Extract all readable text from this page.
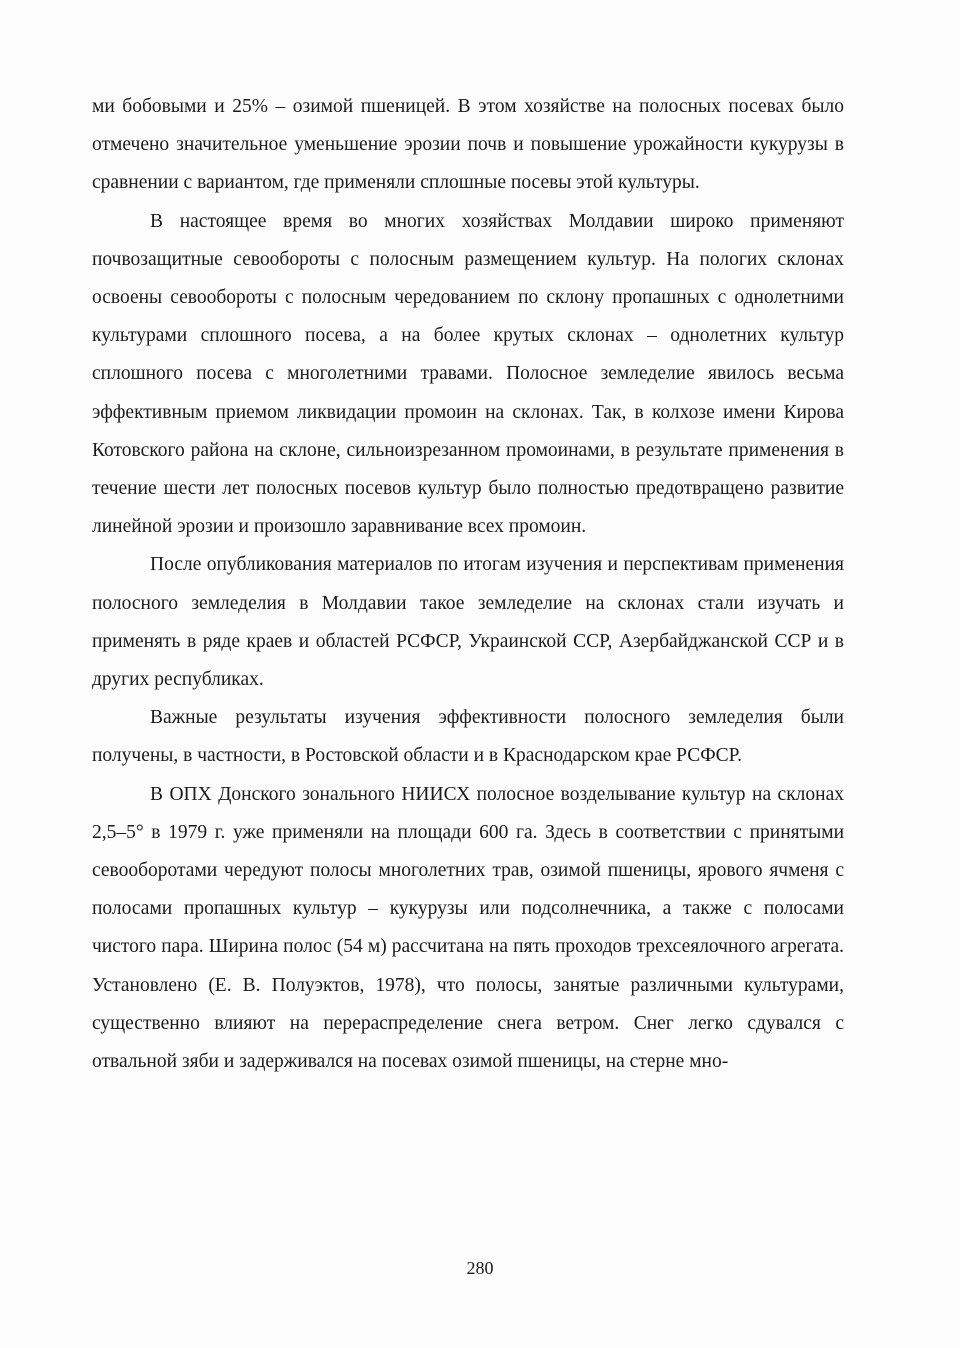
ми бобовыми и 25% – озимой пшеницей. В этом хозяйстве на полосных посевах было отмечено значительное уменьшение эрозии почв и повышение урожайности кукурузы в сравнении с вариантом, где применяли сплошные посевы этой культуры.

В настоящее время во многих хозяйствах Молдавии широко применяют почвозащитные севообороты с полосным размещением культур. На пологих склонах освоены севообороты с полосным чередованием по склону пропашных с однолетними культурами сплошного посева, а на более крутых склонах – однолетних культур сплошного посева с многолетними травами. Полосное земледелие явилось весьма эффективным приемом ликвидации промоин на склонах. Так, в колхозе имени Кирова Котовского района на склоне, сильноизрезанном промоинами, в результате применения в течение шести лет полосных посевов культур было полностью предотвращено развитие линейной эрозии и произошло заравнивание всех промоин.

После опубликования материалов по итогам изучения и перспективам применения полосного земледелия в Молдавии такое земледелие на склонах стали изучать и применять в ряде краев и областей РСФСР, Украинской ССР, Азербайджанской ССР и в других республиках.

Важные результаты изучения эффективности полосного земледелия были получены, в частности, в Ростовской области и в Краснодарском крае РСФСР.

В ОПХ Донского зонального НИИСХ полосное возделывание культур на склонах 2,5–5° в 1979 г. уже применяли на площади 600 га. Здесь в соответствии с принятыми севооборотами чередуют полосы многолетних трав, озимой пшеницы, ярового ячменя с полосами пропашных культур – кукурузы или подсолнечника, а также с полосами чистого пара. Ширина полос (54 м) рассчитана на пять проходов трехсеялочного агрегата. Установлено (Е. В. Полуэктов, 1978), что полосы, занятые различными культурами, существенно влияют на перераспределение снега ветром. Снег легко сдувался с отвальной зяби и задерживался на посевах озимой пшеницы, на стерне мно-

280
